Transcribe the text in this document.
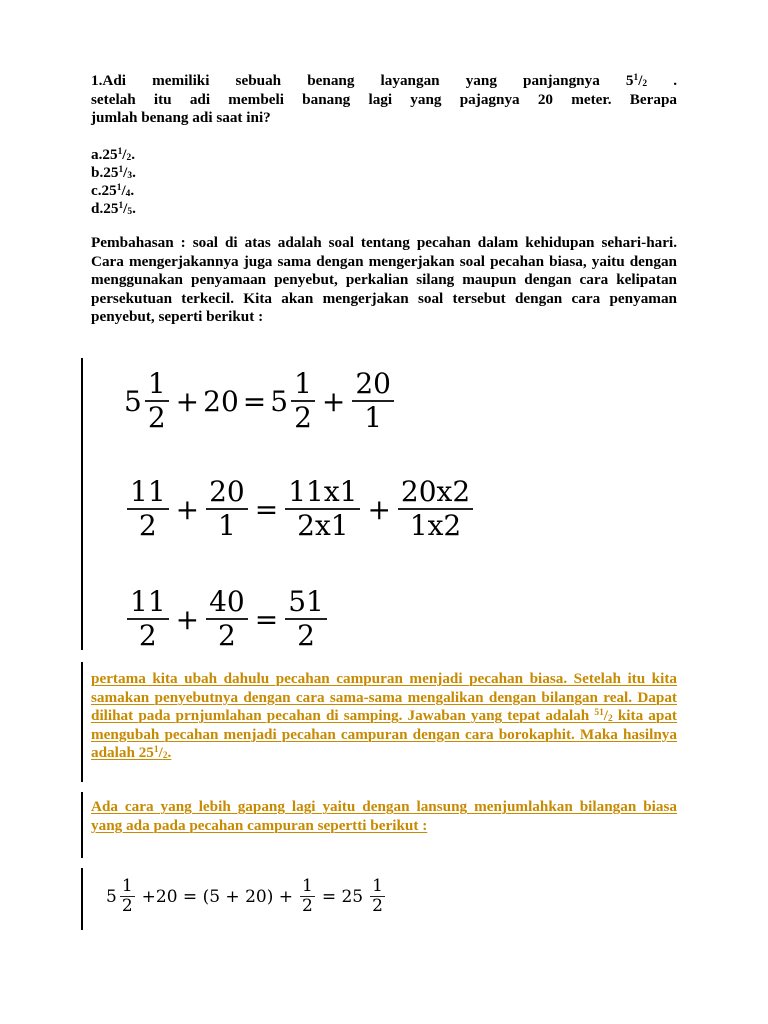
1.Adi memiliki sebuah benang layangan yang panjangnya $5^1/_2$ .
setelah itu adi membeli banang lagi yang pajagnya 20 meter. Berapa
jumlah benang adi saat ini?
$a.25^1/_2$.
$b.25^1/_3$.
$c.25^1/_4$.
$d.25^1/_5$.
Pembahasan : soal di atas adalah soal tentang pecahan dalam kehidupan sehari-hari. Cara mengerjakannya juga sama dengan mengerjakan soal pecahan biasa, yaitu dengan menggunakan penyamaan penyebut, perkalian silang maupun dengan cara kelipatan persekutuan terkecil. Kita akan mengerjakan soal tersebut dengan cara penyaman penyebut, seperti berikut :
$5 \frac{1}{2} + 20 = 5 \frac{1}{2} + \frac{20}{1}$
$\frac{11}{2} + \frac{20}{1} = \frac{11x1}{2x1} + \frac{20x2}{1x2}$
$\frac{11}{2} + \frac{40}{2} = \frac{51}{2}$
pertama kita ubah dahulu pecahan campuran menjadi pecahan biasa. Setelah itu kita samakan penyebutnya dengan cara sama-sama mengalikan dengan bilangan real. Dapat dilihat pada prnjumlahan pecahan di samping. Jawaban yang tepat adalah $^{51}/_2$ kita apat mengubah pecahan menjadi pecahan campuran dengan cara borokaphit. Maka hasilnya adalah $25^1/_2$.
Ada cara yang lebih gapang lagi yaitu dengan lansung menjumlahkan bilangan biasa yang ada pada pecahan campuran sepertti berikut :
$5 \frac{1}{2} +20 = (5 + 20) + \frac{1}{2} = 25 \frac{1}{2}$
